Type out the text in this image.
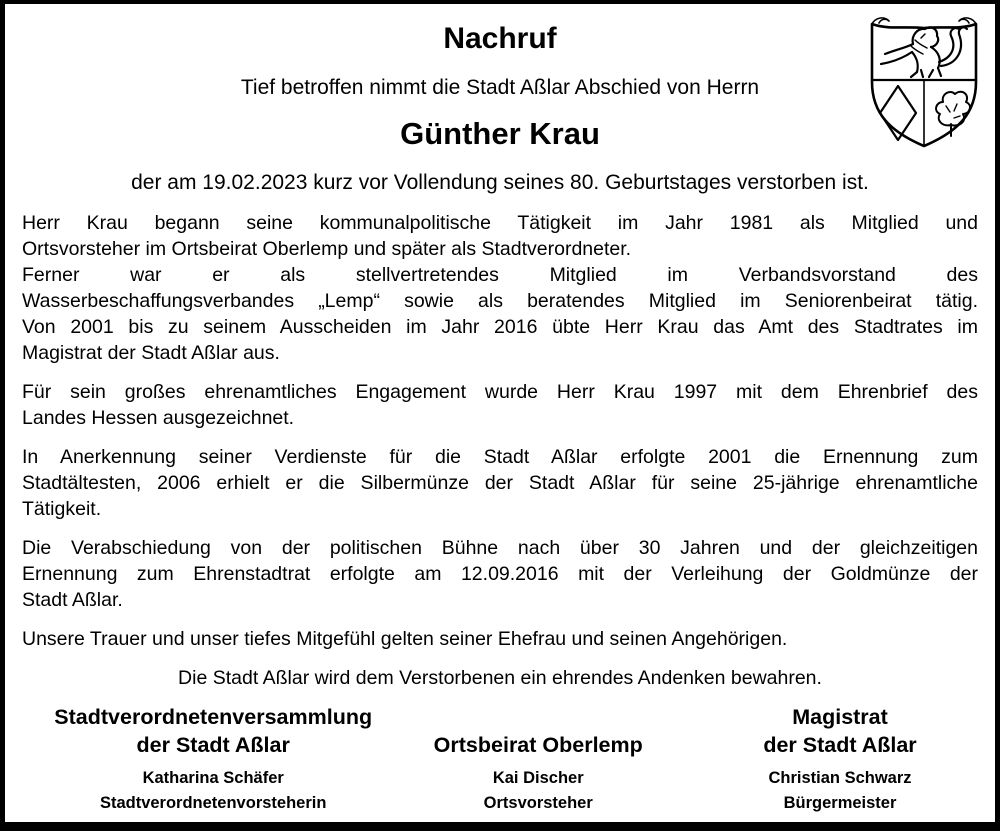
Nachruf

Tief betroffen nimmt die Stadt Aßlar Abschied von Herrn

Günther Krau

der am 19.02.2023 kurz vor Vollendung seines 80. Geburtstages verstorben ist.

Herr Krau begann seine kommunalpolitische Tätigkeit im Jahr 1981 als Mitglied und
Ortsvorsteher im Ortsbeirat Oberlemp und später als Stadtverordneter.
Ferner war er als stellvertretendes Mitglied im Verbandsvorstand des
Wasserbeschaffungsverbandes „Lemp“ sowie als beratendes Mitglied im Seniorenbeirat tätig.
Von 2001 bis zu seinem Ausscheiden im Jahr 2016 übte Herr Krau das Amt des Stadtrates im
Magistrat der Stadt Aßlar aus.
Für sein großes ehrenamtliches Engagement wurde Herr Krau 1997 mit dem Ehrenbrief des
Landes Hessen ausgezeichnet.
In Anerkennung seiner Verdienste für die Stadt Aßlar erfolgte 2001 die Ernennung zum
Stadtältesten, 2006 erhielt er die Silbermünze der Stadt Aßlar für seine 25-jährige ehrenamtliche
Tätigkeit.
Die Verabschiedung von der politischen Bühne nach über 30 Jahren und der gleichzeitigen
Ernennung zum Ehrenstadtrat erfolgte am 12.09.2016 mit der Verleihung der Goldmünze der
Stadt Aßlar.
Unsere Trauer und unser tiefes Mitgefühl gelten seiner Ehefrau und seinen Angehörigen.

Die Stadt Aßlar wird dem Verstorbenen ein ehrendes Andenken bewahren.

Stadtverordnetenversammlung
der Stadt Aßlar
Katharina Schäfer
Stadtverordnetenvorsteherin
Ortsbeirat Oberlemp
Kai Discher
Ortsvorsteher
Magistrat
der Stadt Aßlar
Christian Schwarz
Bürgermeister
